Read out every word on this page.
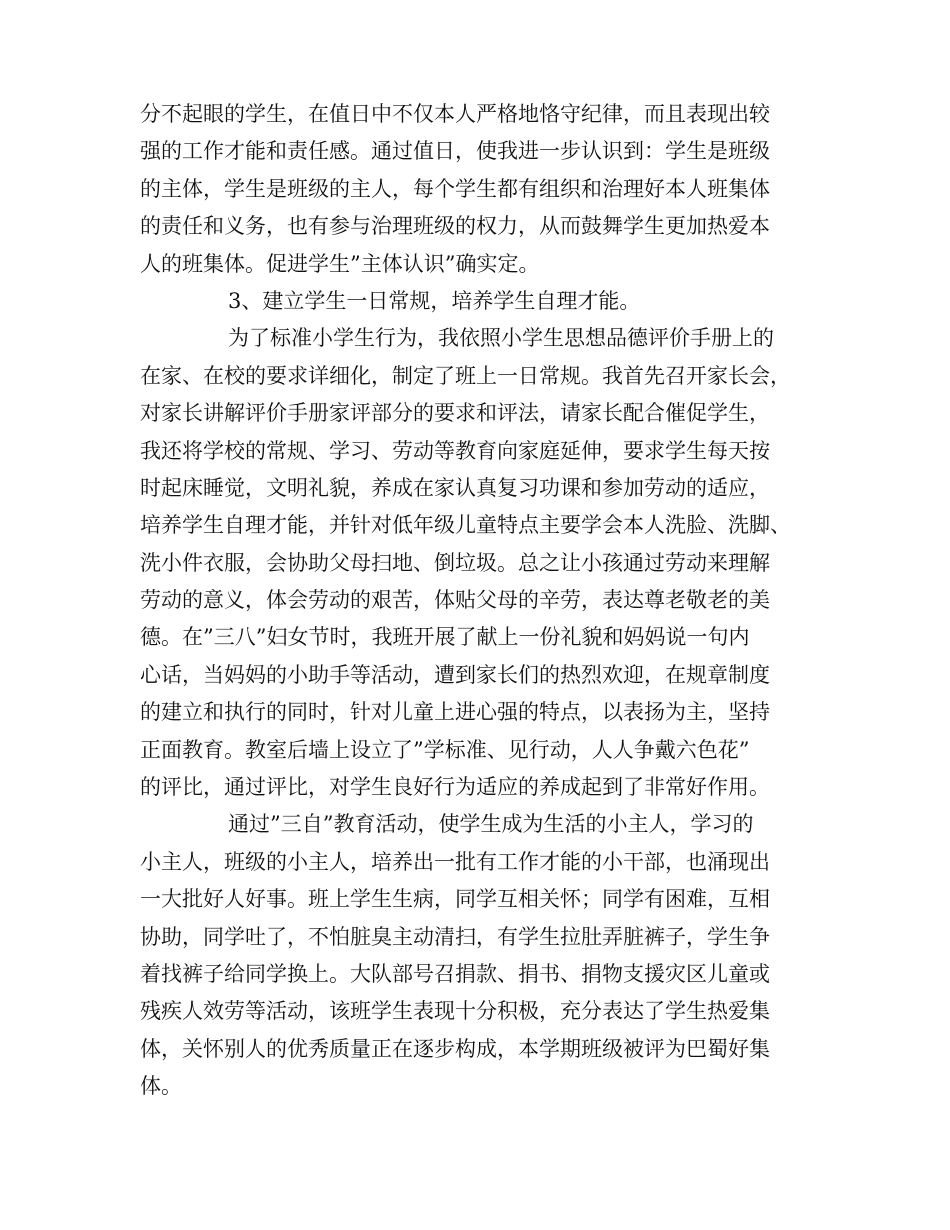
分不起眼的学生，在值日中不仅本人严格地恪守纪律，而且表现出较
强的工作才能和责任感。通过值日，使我进一步认识到：学生是班级
的主体，学生是班级的主人，每个学生都有组织和治理好本人班集体
的责任和义务，也有参与治理班级的权力，从而鼓舞学生更加热爱本
人的班集体。促进学生”主体认识”确实定。
3、建立学生一日常规，培养学生自理才能。
为了标准小学生行为，我依照小学生思想品德评价手册上的
在家、在校的要求详细化，制定了班上一日常规。我首先召开家长会，
对家长讲解评价手册家评部分的要求和评法，请家长配合催促学生，
我还将学校的常规、学习、劳动等教育向家庭延伸，要求学生每天按
时起床睡觉，文明礼貌，养成在家认真复习功课和参加劳动的适应，
培养学生自理才能，并针对低年级儿童特点主要学会本人洗脸、洗脚、
洗小件衣服，会协助父母扫地、倒垃圾。总之让小孩通过劳动来理解
劳动的意义，体会劳动的艰苦，体贴父母的辛劳，表达尊老敬老的美
德。在”三八”妇女节时，我班开展了献上一份礼貌和妈妈说一句内
心话，当妈妈的小助手等活动，遭到家长们的热烈欢迎，在规章制度
的建立和执行的同时，针对儿童上进心强的特点，以表扬为主，坚持
正面教育。教室后墙上设立了”学标准、见行动，人人争戴六色花”
的评比，通过评比，对学生良好行为适应的养成起到了非常好作用。
通过”三自”教育活动，使学生成为生活的小主人，学习的
小主人，班级的小主人，培养出一批有工作才能的小干部，也涌现出
一大批好人好事。班上学生生病，同学互相关怀；同学有困难，互相
协助，同学吐了，不怕脏臭主动清扫，有学生拉肚弄脏裤子，学生争
着找裤子给同学换上。大队部号召捐款、捐书、捐物支援灾区儿童或
残疾人效劳等活动，该班学生表现十分积极，充分表达了学生热爱集
体，关怀别人的优秀质量正在逐步构成，本学期班级被评为巴蜀好集
体。
